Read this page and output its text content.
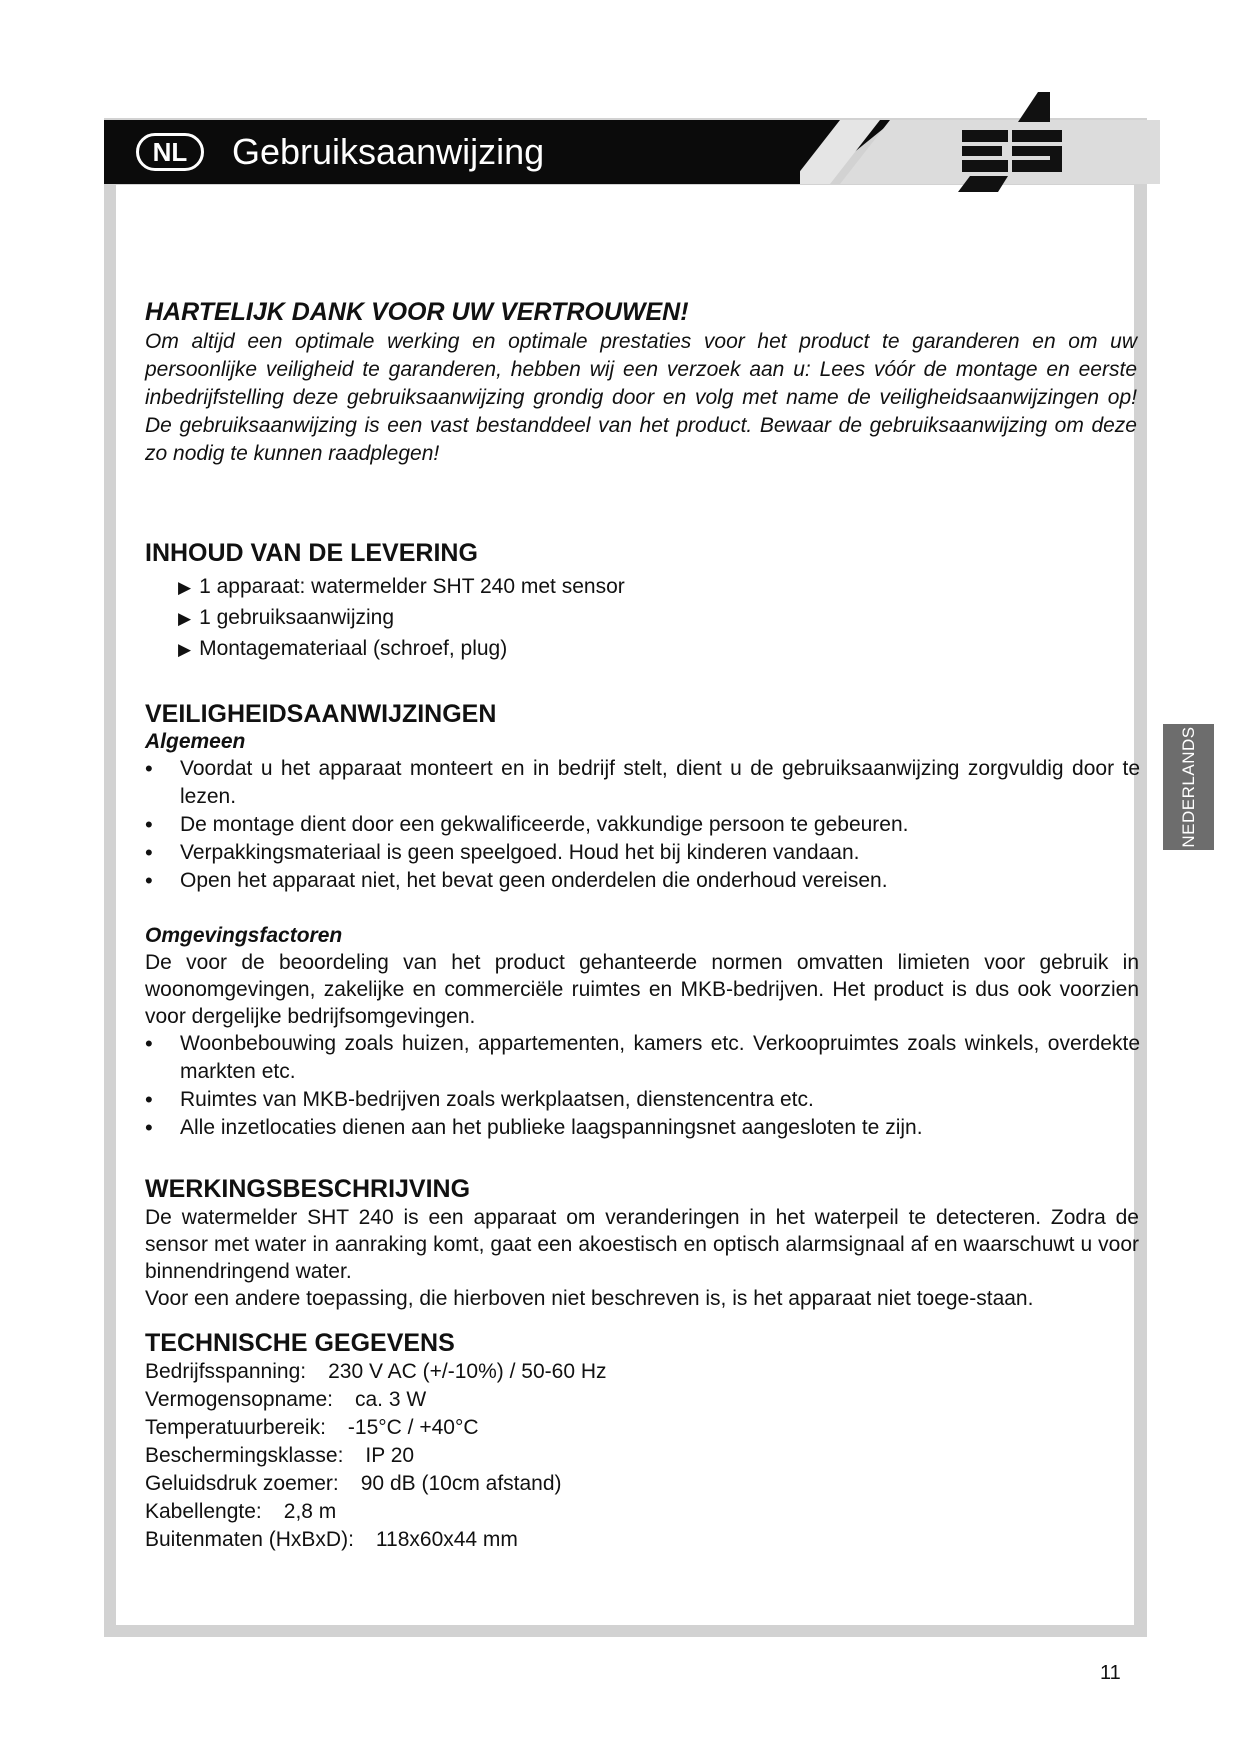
NL	Gebruiksaanwijzing
NEDERLANDS
HARTELIJK DANK VOOR UW VERTROUWEN!

Om altijd een optimale werking en optimale prestaties voor het product te garanderen en om uw persoonlijke veiligheid te garanderen, hebben wij een verzoek aan u: Lees vóór de montage en eerste inbedrijfstelling deze gebruiksaanwijzing grondig door en volg met name de veiligheidsaanwijzingen op! De gebruiksaanwijzing is een vast bestanddeel van het product. Bewaar de gebruiksaanwijzing om deze zo nodig te kunnen raadplegen!

INHOUD VAN DE LEVERING
▶ 1 apparaat: watermelder SHT 240 met sensor
▶ 1 gebruiksaanwijzing
▶ Montagemateriaal (schroef, plug)
VEILIGHEIDSAANWIJZINGEN
Algemeen
• Voordat u het apparaat monteert en in bedrijf stelt, dient u de gebruiksaanwijzing zorgvuldig door te lezen.
• De montage dient door een gekwalificeerde, vakkundige persoon te gebeuren.
• Verpakkingsmateriaal is geen speelgoed. Houd het bij kinderen vandaan.
• Open het apparaat niet, het bevat geen onderdelen die onderhoud vereisen.
Omgevingsfactoren

De voor de beoordeling van het product gehanteerde normen omvatten limieten voor gebruik in woonomgevingen, zakelijke en commerciële ruimtes en MKB-bedrijven. Het product is dus ook voorzien voor dergelijke bedrijfsomgevingen.

• Woonbebouwing zoals huizen, appartementen, kamers etc. Verkoopruimtes zoals winkels, overdekte markten etc.
• Ruimtes van MKB-bedrijven zoals werkplaatsen, dienstencentra etc.
• Alle inzetlocaties dienen aan het publieke laagspanningsnet aangesloten te zijn.
WERKINGSBESCHRIJVING

De watermelder SHT 240 is een apparaat om veranderingen in het waterpeil te detecteren. Zodra de sensor met water in aanraking komt, gaat een akoestisch en optisch alarmsignaal af en waarschuwt u voor binnendringend water.

Voor een andere toepassing, die hierboven niet beschreven is, is het apparaat niet toege-staan.

TECHNISCHE GEGEVENS
Bedrijfsspanning: 230 V AC (+/-10%) / 50-60 Hz
Vermogensopname: ca. 3 W
Temperatuurbereik: -15°C / +40°C
Beschermingsklasse: IP 20
Geluidsdruk zoemer: 90 dB (10cm afstand)
Kabellengte: 2,8 m
Buitenmaten (HxBxD): 118x60x44 mm
11
